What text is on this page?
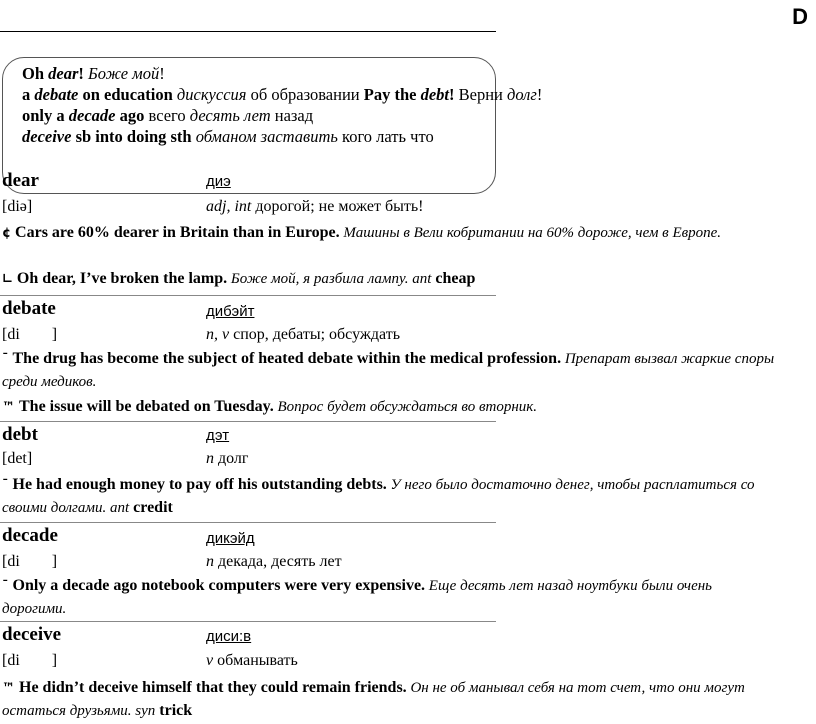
D
Oh dear! Боже мой!
a debate on education дискуссия об образовании Pay the debt! Верни долг!
only a decade ago всего десять лет назад
deceive sb into doing sth обманом заставить кого лать что
dear	диэ
[diə]	adj, int дорогой; не может быть!
¢ Cars are 60% dearer in Britain than in Europe. Машины в Вели кобритании на 60% дороже, чем в Европе.
∟ Oh dear, I’ve broken the lamp. Боже мой, я разбила лампу. ant cheap
debate	дибэйт
[di        ]	n, v спор, дебаты; обсуждать
ˉ The drug has become the subject of heated debate within the medical profession. Препарат вызвал жаркие споры среди медиков.
™ The issue will be debated on Tuesday. Вопрос будет обсуждаться во вторник.
debt	дэт
[det]	n долг
ˉ He had enough money to pay off his outstanding debts. У него было достаточно денег, чтобы расплатиться со своими долгами. ant credit
decade	дикэйд
[di        ]	n декада, десять лет
ˉ Only a decade ago notebook computers were very expensive. Еще десять лет назад ноутбуки были очень дорогими.
deceive	диси:в
[di        ]	v обманывать
™ He didn’t deceive himself that they could remain friends. Он не об манывал себя на тот счет, что они могут остаться друзьями. syn trick
